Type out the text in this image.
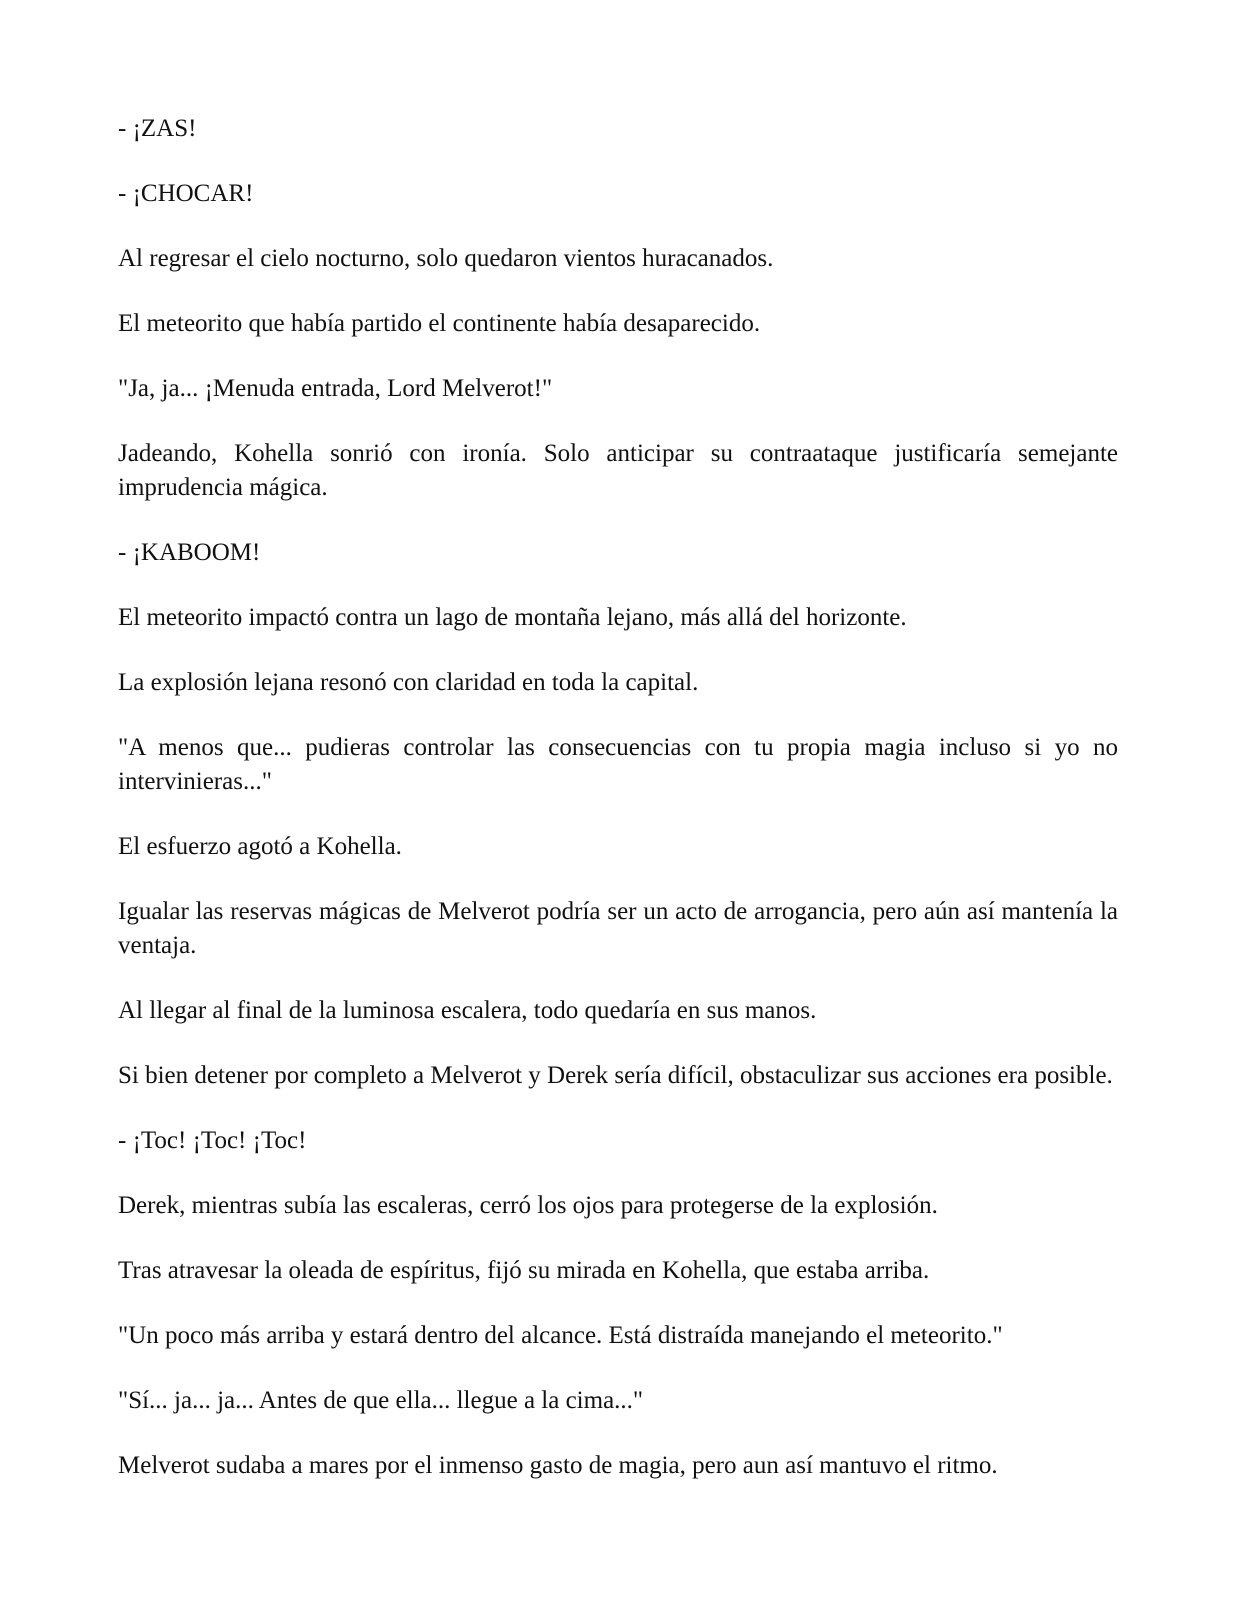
- ¡ZAS!

- ¡CHOCAR!

Al regresar el cielo nocturno, solo quedaron vientos huracanados.

El meteorito que había partido el continente había desaparecido.

"Ja, ja... ¡Menuda entrada, Lord Melverot!"

Jadeando, Kohella sonrió con ironía. Solo anticipar su contraataque justificaría semejante imprudencia mágica.

- ¡KABOOM!

El meteorito impactó contra un lago de montaña lejano, más allá del horizonte.

La explosión lejana resonó con claridad en toda la capital.

"A menos que... pudieras controlar las consecuencias con tu propia magia incluso si yo no intervinieras..."

El esfuerzo agotó a Kohella.

Igualar las reservas mágicas de Melverot podría ser un acto de arrogancia, pero aún así mantenía la ventaja.

Al llegar al final de la luminosa escalera, todo quedaría en sus manos.

Si bien detener por completo a Melverot y Derek sería difícil, obstaculizar sus acciones era posible.

- ¡Toc! ¡Toc! ¡Toc!

Derek, mientras subía las escaleras, cerró los ojos para protegerse de la explosión.

Tras atravesar la oleada de espíritus, fijó su mirada en Kohella, que estaba arriba.

"Un poco más arriba y estará dentro del alcance. Está distraída manejando el meteorito."

"Sí... ja... ja... Antes de que ella... llegue a la cima..."

Melverot sudaba a mares por el inmenso gasto de magia, pero aun así mantuvo el ritmo.
